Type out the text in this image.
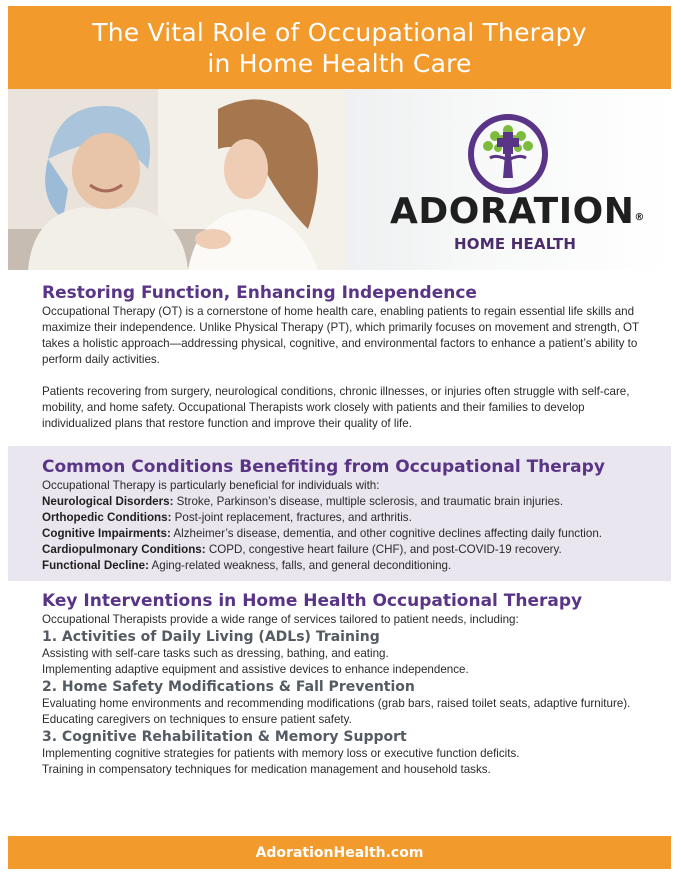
The Vital Role of Occupational Therapy
in Home Health Care
ADORATION®
HOME HEALTH
Restoring Function, Enhancing Independence

Occupational Therapy (OT) is a cornerstone of home health care, enabling patients to regain essential life skills and maximize their independence. Unlike Physical Therapy (PT), which primarily focuses on movement and strength, OT takes a holistic approach—addressing physical, cognitive, and environmental factors to enhance a patient’s ability to perform daily activities.

Patients recovering from surgery, neurological conditions, chronic illnesses, or injuries often struggle with self-care, mobility, and home safety. Occupational Therapists work closely with patients and their families to develop individualized plans that restore function and improve their quality of life.

Common Conditions Benefiting from Occupational Therapy

Occupational Therapy is particularly beneficial for individuals with:

Neurological Disorders: Stroke, Parkinson’s disease, multiple sclerosis, and traumatic brain injuries.

Orthopedic Conditions: Post-joint replacement, fractures, and arthritis.

Cognitive Impairments: Alzheimer’s disease, dementia, and other cognitive declines affecting daily function.

Cardiopulmonary Conditions: COPD, congestive heart failure (CHF), and post-COVID-19 recovery.

Functional Decline: Aging-related weakness, falls, and general deconditioning.

Key Interventions in Home Health Occupational Therapy

Occupational Therapists provide a wide range of services tailored to patient needs, including:

1. Activities of Daily Living (ADLs) Training

Assisting with self-care tasks such as dressing, bathing, and eating.

Implementing adaptive equipment and assistive devices to enhance independence.

2. Home Safety Modifications & Fall Prevention

Evaluating home environments and recommending modifications (grab bars, raised toilet seats, adaptive furniture).

Educating caregivers on techniques to ensure patient safety.

3. Cognitive Rehabilitation & Memory Support

Implementing cognitive strategies for patients with memory loss or executive function deficits.

Training in compensatory techniques for medication management and household tasks.

AdorationHealth.com
